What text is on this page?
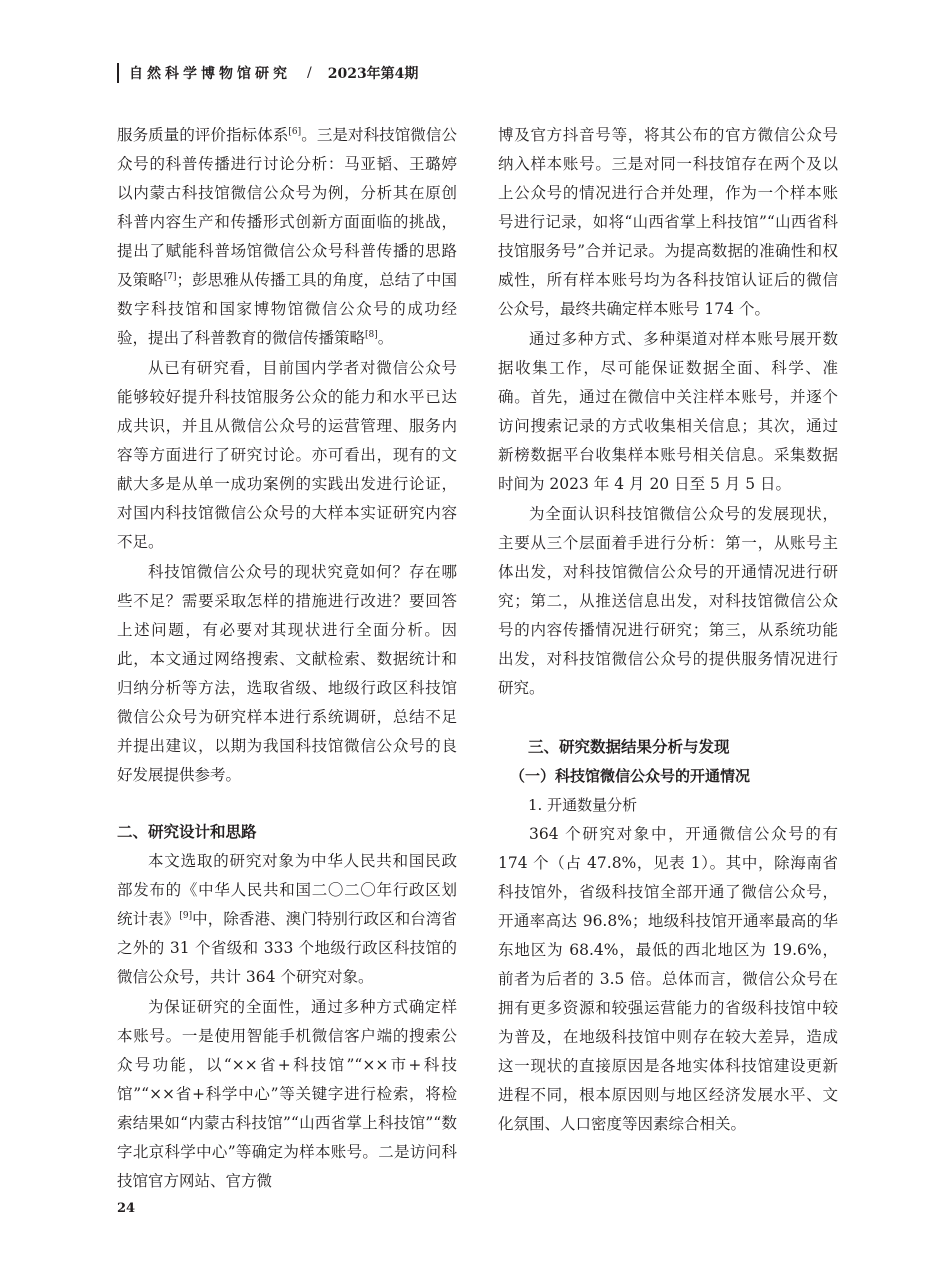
自然科学博物馆研究 / 2023年第4期

服务质量的评价指标体系[6]。三是对科技馆微信公众号的科普传播进行讨论分析：马亚韬、王璐婷以内蒙古科技馆微信公众号为例，分析其在原创科普内容生产和传播形式创新方面面临的挑战，提出了赋能科普场馆微信公众号科普传播的思路及策略[7]；彭思雅从传播工具的角度，总结了中国数字科技馆和国家博物馆微信公众号的成功经验，提出了科普教育的微信传播策略[8]。

从已有研究看，目前国内学者对微信公众号能够较好提升科技馆服务公众的能力和水平已达成共识，并且从微信公众号的运营管理、服务内容等方面进行了研究讨论。亦可看出，现有的文献大多是从单一成功案例的实践出发进行论证，对国内科技馆微信公众号的大样本实证研究内容不足。

科技馆微信公众号的现状究竟如何？存在哪些不足？需要采取怎样的措施进行改进？要回答上述问题，有必要对其现状进行全面分析。因此，本文通过网络搜索、文献检索、数据统计和归纳分析等方法，选取省级、地级行政区科技馆微信公众号为研究样本进行系统调研，总结不足并提出建议，以期为我国科技馆微信公众号的良好发展提供参考。

二、研究设计和思路

本文选取的研究对象为中华人民共和国民政部发布的《中华人民共和国二〇二〇年行政区划统计表》[9]中，除香港、澳门特别行政区和台湾省之外的 31 个省级和 333 个地级行政区科技馆的微信公众号，共计 364 个研究对象。

为保证研究的全面性，通过多种方式确定样本账号。一是使用智能手机微信客户端的搜索公众号功能，以“××省+科技馆”“××市+科技馆”“××省+科学中心”等关键字进行检索，将检索结果如“内蒙古科技馆”“山西省掌上科技馆”“数字北京科学中心”等确定为样本账号。二是访问科技馆官方网站、官方微

博及官方抖音号等，将其公布的官方微信公众号纳入样本账号。三是对同一科技馆存在两个及以上公众号的情况进行合并处理，作为一个样本账号进行记录，如将“山西省掌上科技馆”“山西省科技馆服务号”合并记录。为提高数据的准确性和权威性，所有样本账号均为各科技馆认证后的微信公众号，最终共确定样本账号 174 个。

通过多种方式、多种渠道对样本账号展开数据收集工作，尽可能保证数据全面、科学、准确。首先，通过在微信中关注样本账号，并逐个访问搜索记录的方式收集相关信息；其次，通过新榜数据平台收集样本账号相关信息。采集数据时间为 2023 年 4 月 20 日至 5 月 5 日。

为全面认识科技馆微信公众号的发展现状，主要从三个层面着手进行分析：第一，从账号主体出发，对科技馆微信公众号的开通情况进行研究；第二，从推送信息出发，对科技馆微信公众号的内容传播情况进行研究；第三，从系统功能出发，对科技馆微信公众号的提供服务情况进行研究。

三、研究数据结果分析与发现

（一）科技馆微信公众号的开通情况

1. 开通数量分析

364 个研究对象中，开通微信公众号的有 174 个（占 47.8%，见表 1）。其中，除海南省科技馆外，省级科技馆全部开通了微信公众号，开通率高达 96.8%；地级科技馆开通率最高的华东地区为 68.4%，最低的西北地区为 19.6%，前者为后者的 3.5 倍。总体而言，微信公众号在拥有更多资源和较强运营能力的省级科技馆中较为普及，在地级科技馆中则存在较大差异，造成这一现状的直接原因是各地实体科技馆建设更新进程不同，根本原因则与地区经济发展水平、文化氛围、人口密度等因素综合相关。

24
